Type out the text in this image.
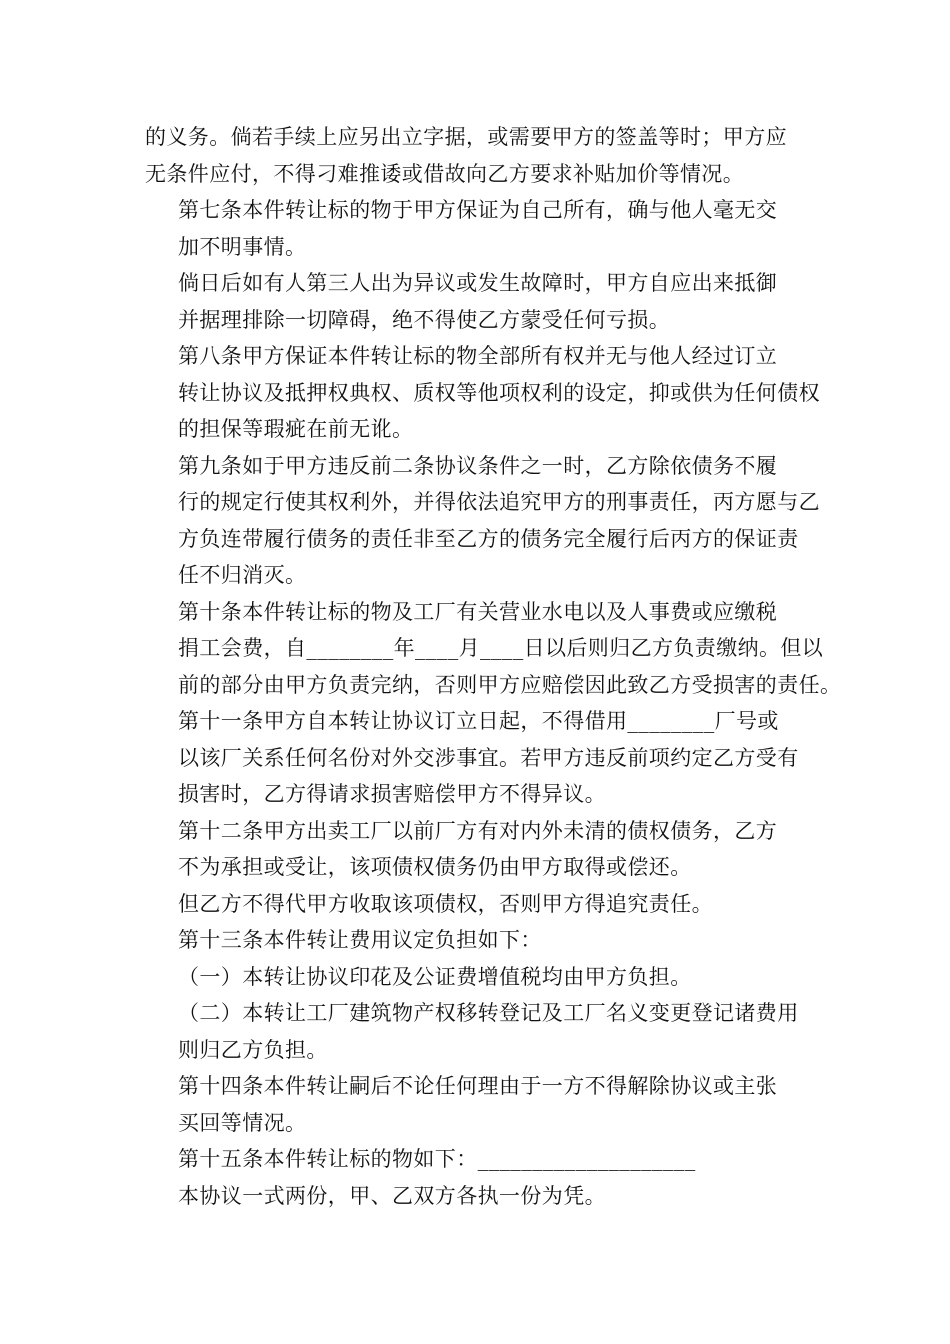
的义务。倘若手续上应另出立字据，或需要甲方的签盖等时；甲方应
无条件应付，不得刁难推诿或借故向乙方要求补贴加价等情况。

第七条本件转让标的物于甲方保证为自己所有，确与他人毫无交
加不明事情。

倘日后如有人第三人出为异议或发生故障时，甲方自应出来抵御
并据理排除一切障碍，绝不得使乙方蒙受任何亏损。

第八条甲方保证本件转让标的物全部所有权并无与他人经过订立
转让协议及抵押权典权、质权等他项权利的设定，抑或供为任何债权
的担保等瑕疵在前无讹。

第九条如于甲方违反前二条协议条件之一时，乙方除依债务不履
行的规定行使其权利外，并得依法追究甲方的刑事责任，丙方愿与乙
方负连带履行债务的责任非至乙方的债务完全履行后丙方的保证责
任不归消灭。

第十条本件转让标的物及工厂有关营业水电以及人事费或应缴税
捐工会费，自________年____月____日以后则归乙方负责缴纳。但以
前的部分由甲方负责完纳，否则甲方应赔偿因此致乙方受损害的责任。

第十一条甲方自本转让协议订立日起，不得借用________厂号或
以该厂关系任何名份对外交涉事宜。若甲方违反前项约定乙方受有
损害时，乙方得请求损害赔偿甲方不得异议。

第十二条甲方出卖工厂以前厂方有对内外未清的债权债务，乙方
不为承担或受让，该项债权债务仍由甲方取得或偿还。

但乙方不得代甲方收取该项债权，否则甲方得追究责任。

第十三条本件转让费用议定负担如下：

（一）本转让协议印花及公证费增值税均由甲方负担。

（二）本转让工厂建筑物产权移转登记及工厂名义变更登记诸费用
则归乙方负担。

第十四条本件转让嗣后不论任何理由于一方不得解除协议或主张
买回等情况。

第十五条本件转让标的物如下：____________________

本协议一式两份，甲、乙双方各执一份为凭。
